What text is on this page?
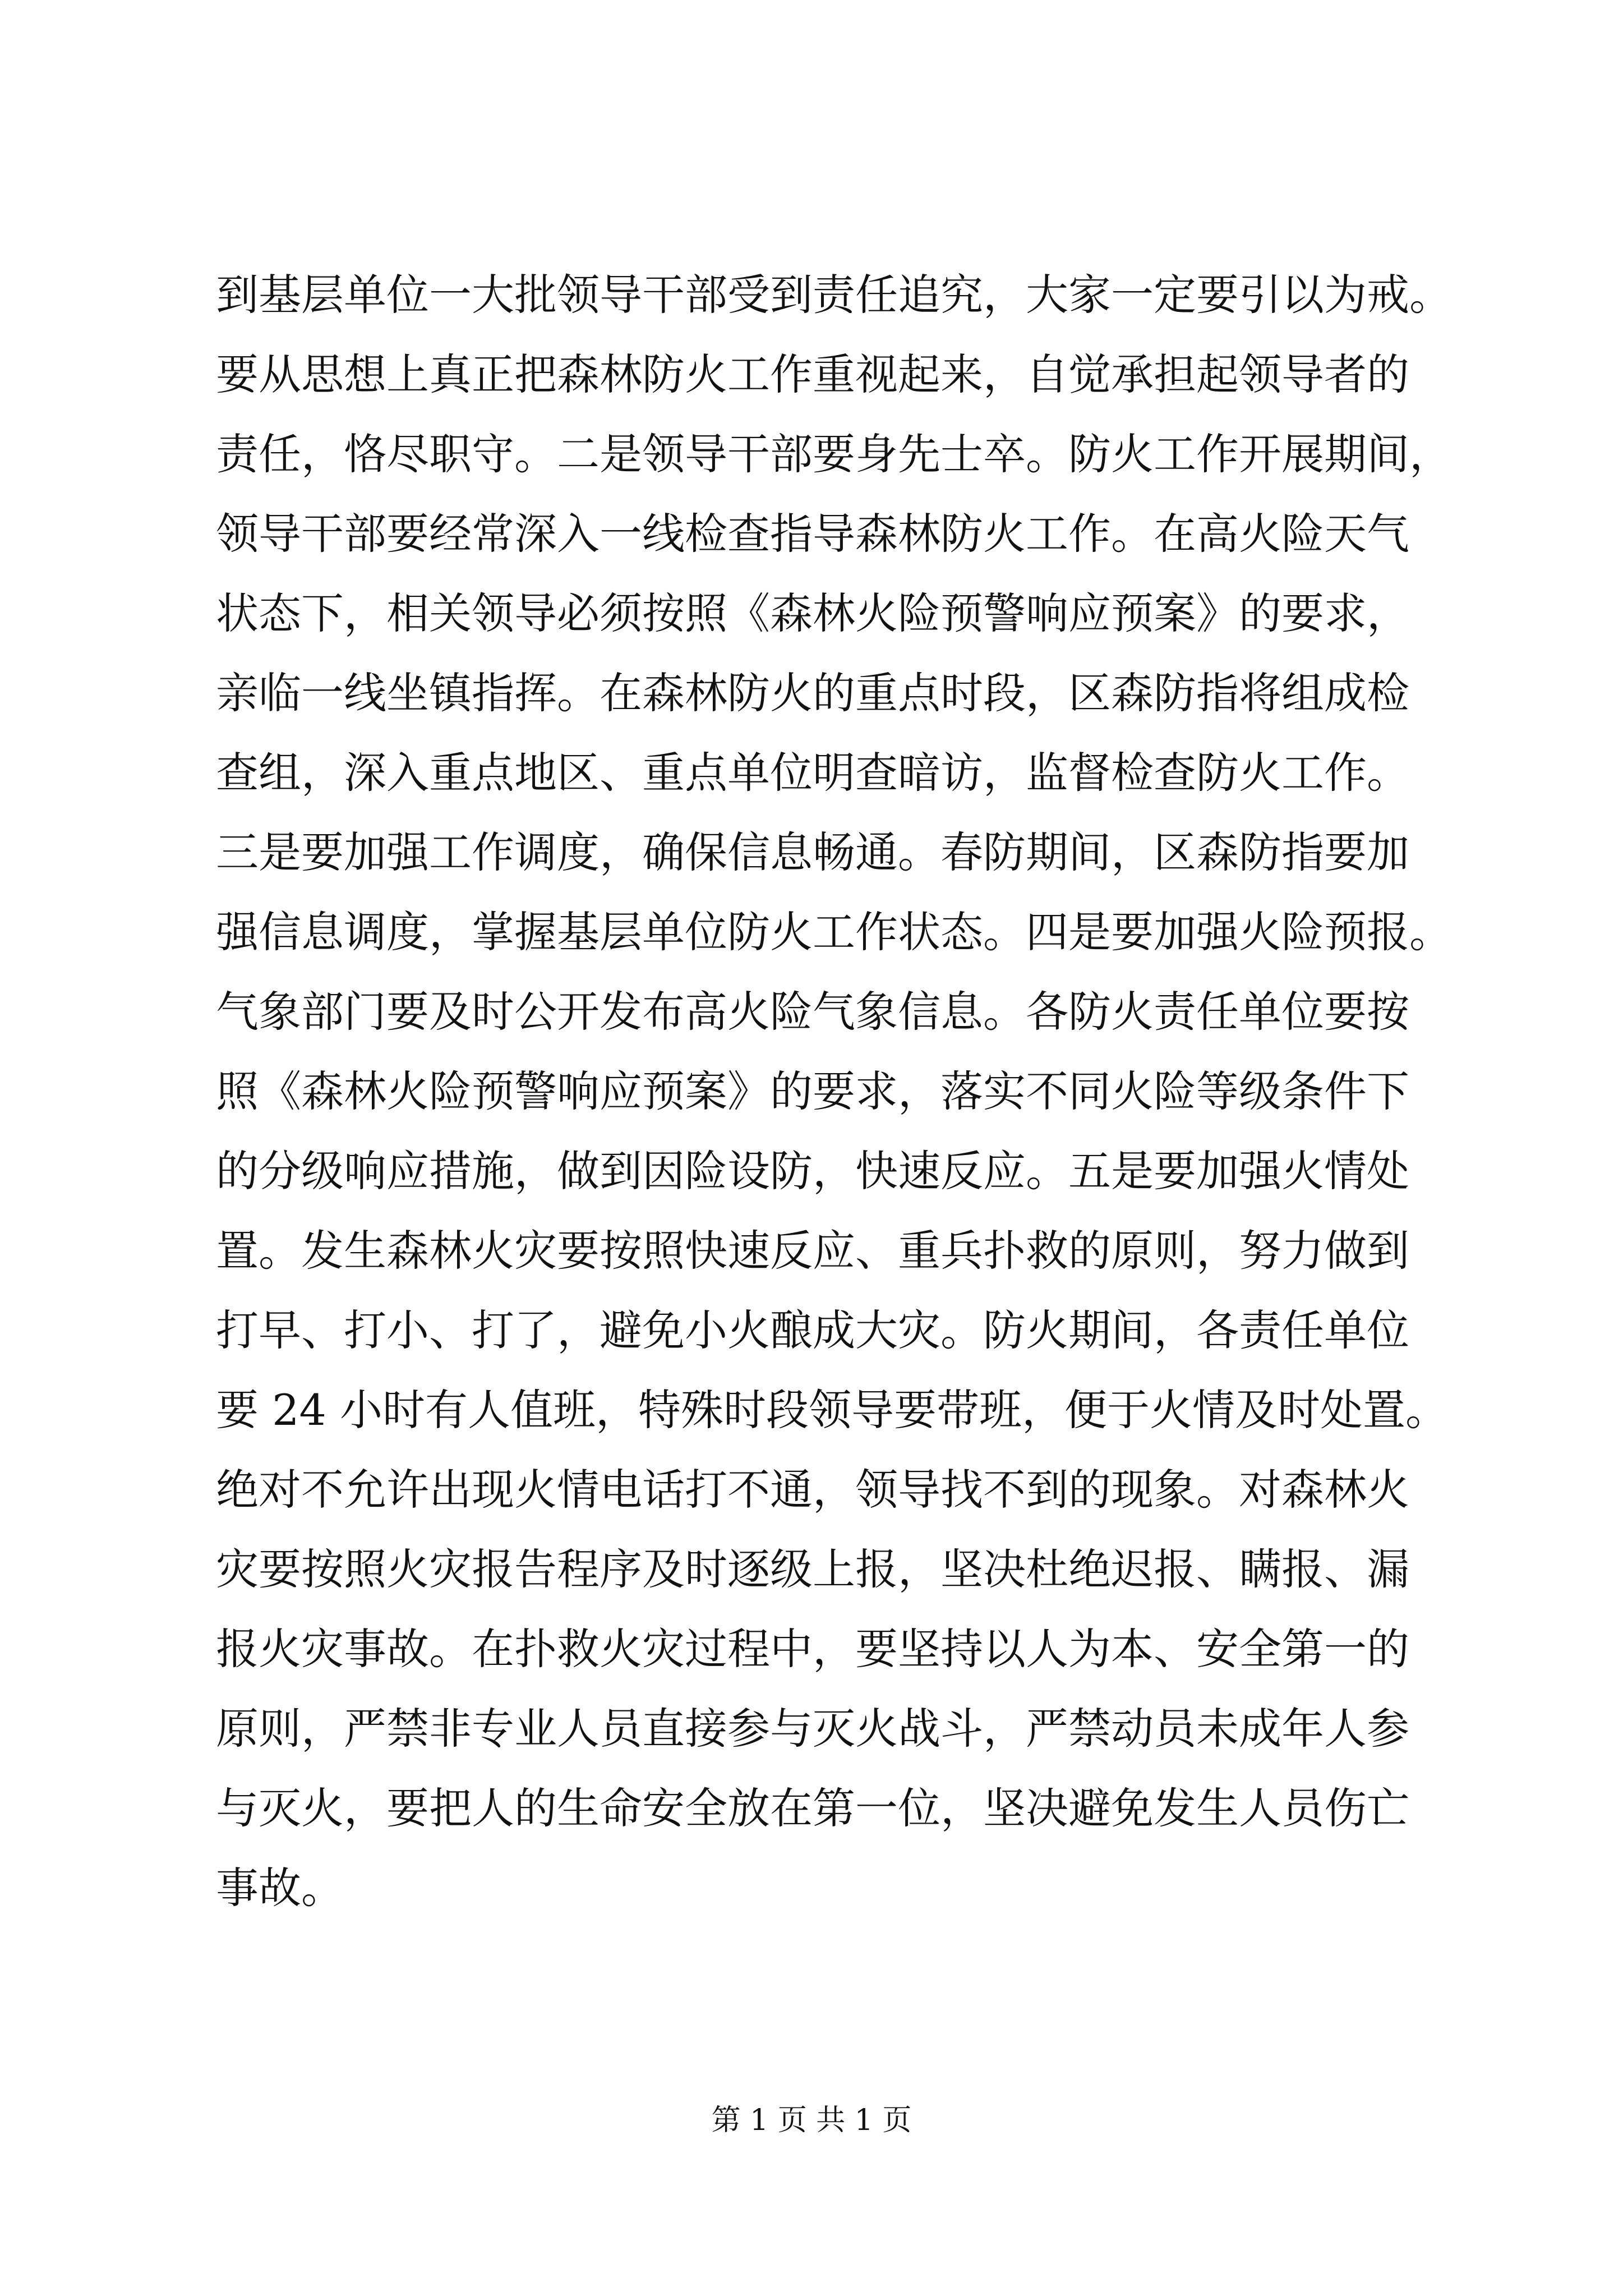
到基层单位一大批领导干部受到责任追究，大家一定要引以为戒。
要从思想上真正把森林防火工作重视起来，自觉承担起领导者的
责任，恪尽职守。二是领导干部要身先士卒。防火工作开展期间，
领导干部要经常深入一线检查指导森林防火工作。在高火险天气
状态下，相关领导必须按照《森林火险预警响应预案》的要求，
亲临一线坐镇指挥。在森林防火的重点时段，区森防指将组成检
查组，深入重点地区、重点单位明查暗访，监督检查防火工作。
三是要加强工作调度，确保信息畅通。春防期间，区森防指要加
强信息调度，掌握基层单位防火工作状态。四是要加强火险预报。
气象部门要及时公开发布高火险气象信息。各防火责任单位要按
照《森林火险预警响应预案》的要求，落实不同火险等级条件下
的分级响应措施，做到因险设防，快速反应。五是要加强火情处
置。发生森林火灾要按照快速反应、重兵扑救的原则，努力做到
打早、打小、打了，避免小火酿成大灾。防火期间，各责任单位
要 24 小时有人值班，特殊时段领导要带班，便于火情及时处置。
绝对不允许出现火情电话打不通，领导找不到的现象。对森林火
灾要按照火灾报告程序及时逐级上报，坚决杜绝迟报、瞒报、漏
报火灾事故。在扑救火灾过程中，要坚持以人为本、安全第一的
原则，严禁非专业人员直接参与灭火战斗，严禁动员未成年人参
与灭火，要把人的生命安全放在第一位，坚决避免发生人员伤亡
事故。
第 1 页 共 1 页
